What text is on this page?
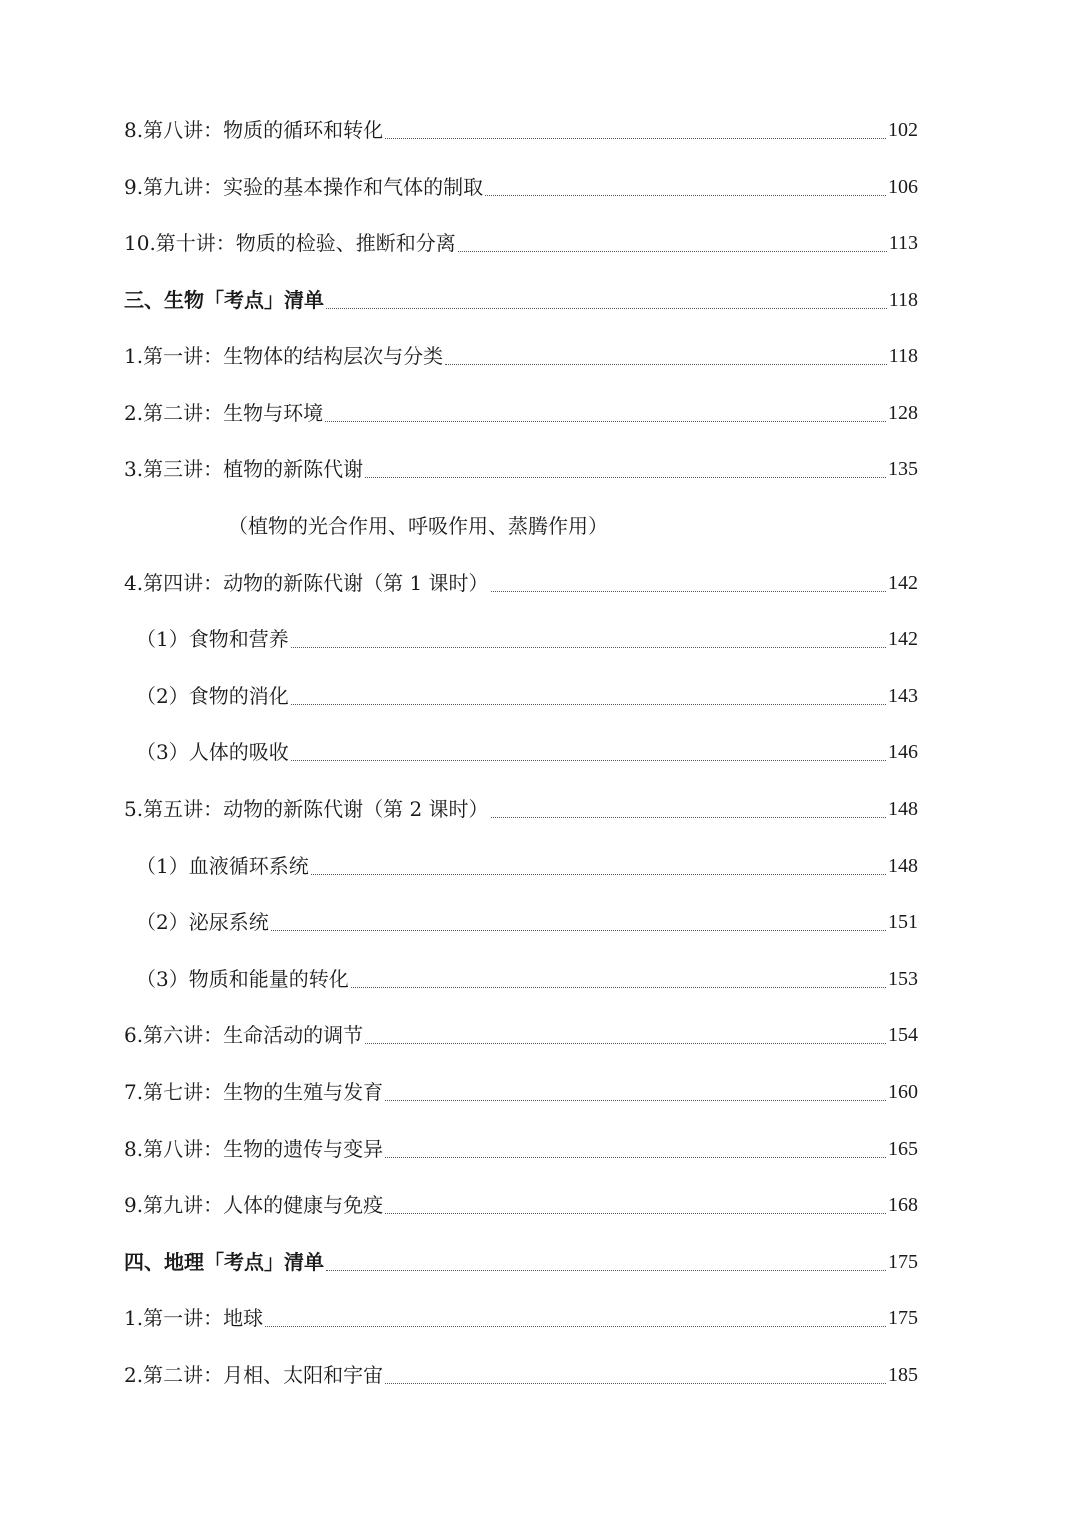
8.第八讲：物质的循环和转化	102
9.第九讲：实验的基本操作和气体的制取	106
10.第十讲：物质的检验、推断和分离	113
三、生物「考点」清单	118
1.第一讲：生物体的结构层次与分类	118
2.第二讲：生物与环境	128
3.第三讲：植物的新陈代谢	135
（植物的光合作用、呼吸作用、蒸腾作用）
4.第四讲：动物的新陈代谢（第 1 课时）	142
（1）食物和营养	142
（2）食物的消化	143
（3）人体的吸收	146
5.第五讲：动物的新陈代谢（第 2 课时）	148
（1）血液循环系统	148
（2）泌尿系统	151
（3）物质和能量的转化	153
6.第六讲：生命活动的调节	154
7.第七讲：生物的生殖与发育	160
8.第八讲：生物的遗传与变异	165
9.第九讲：人体的健康与免疫	168
四、地理「考点」清单	175
1.第一讲：地球	175
2.第二讲：月相、太阳和宇宙	185
